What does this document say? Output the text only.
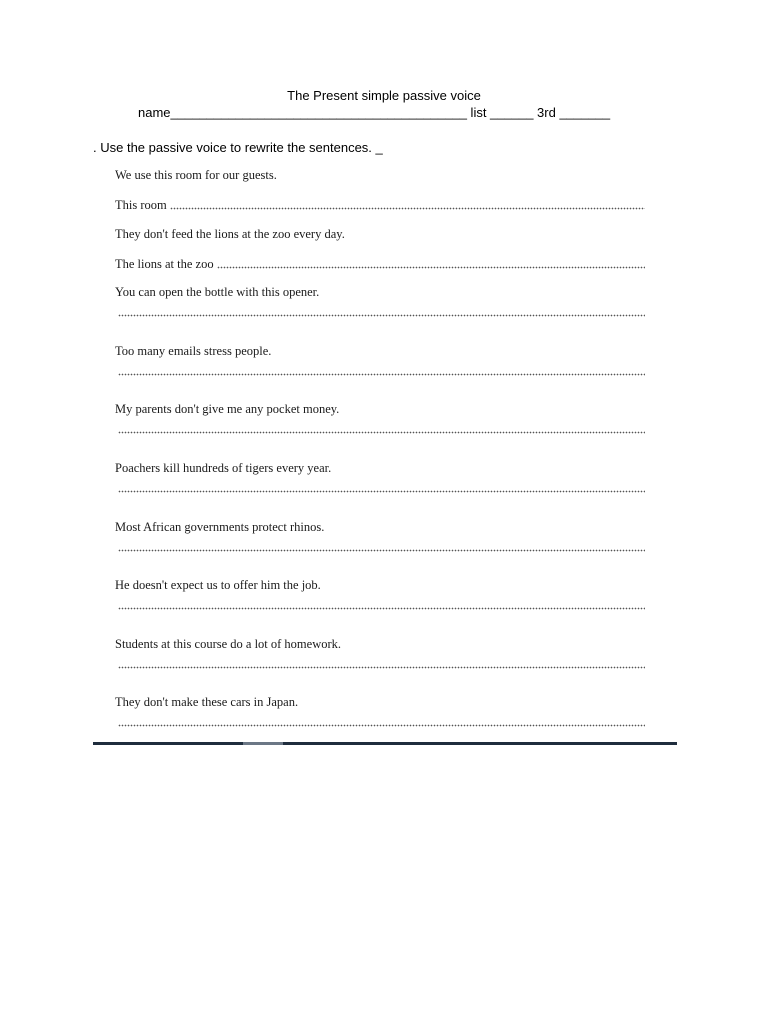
The Present simple passive voice
name_________________________________________ list ______ 3rd _______
. Use the passive voice to rewrite the sentences. _
We use this room for our guests.
This room
They don't feed the lions at the zoo every day.
The lions at the zoo
You can open the bottle with this opener.
Too many emails stress people.
My parents don't give me any pocket money.
Poachers kill hundreds of tigers every year.
Most African governments protect rhinos.
He doesn't expect us to offer him the job.
Students at this course do a lot of homework.
They don't make these cars in Japan.
